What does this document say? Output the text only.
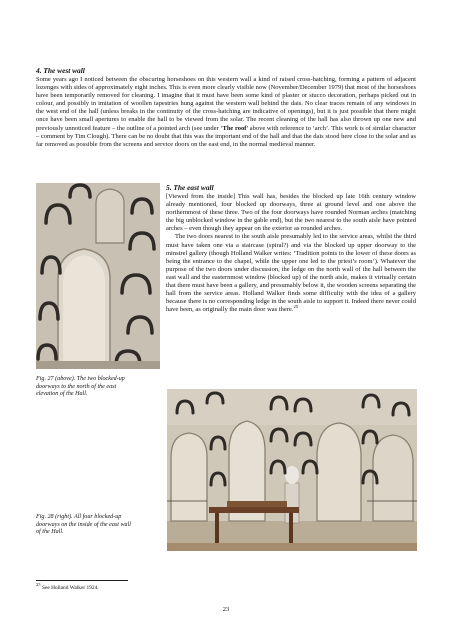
4. The west wall
Some years ago I noticed between the obscuring horseshoes on this western wall a kind of raised cross-hatching, forming a pattern of adjacent lozenges with sides of approximately eight inches. This is even more clearly visible now (November/December 1979) that most of the horseshoes have been temporarily removed for cleaning. I imagine that it must have been some kind of plaster or stucco decoration, perhaps picked out in colour, and possibly in imitation of woollen tapestries hung against the western wall behind the dais. No clear traces remain of any windows in the west end of the hall (unless breaks in the continuity of the cross-hatching are indicative of openings), but it is just possible that there might once have been small apertures to enable the hall to be viewed from the solar. The recent cleaning of the hall has also thrown up one new and previously unnoticed feature – the outline of a pointed arch (see under ‘The roof’ above with reference to ‘arch’. This work is of similar character – comment by Tim Clough). There can be no doubt that this was the important end of the hall and that the dais stood here close to the solar and as far removed as possible from the screens and service doors on the east end, in the normal medieval manner.
5. The east wall
[Viewed from the inside] This wall has, besides the blocked up late 16th century window already mentioned, four blocked up doorways, three at ground level and one above the northernmost of these three. Two of the four doorways have rounded Norman arches (matching the big unblocked window in the gable end), but the two nearest to the south aisle have pointed arches – even though they appear on the exterior as rounded arches.
The two doors nearest to the south aisle presumably led to the service areas, whilst the third must have taken one via a staircase (spiral?) and via the blocked up upper doorway to the minstrel gallery (though Holland Walker writes: ‘Tradition points to the lower of these doors as being the entrance to the chapel, while the upper one led to the priest’s room’). Whatever the purpose of the two doors under discussion, the ledge on the north wall of the hall between the east wall and the easternmost window (blocked up) of the north aisle, makes it virtually certain that there must have been a gallery, and presumably below it, the wooden screens separating the hall from the service areas. Holland Walker finds some difficulty with the idea of a gallery because there is no corresponding ledge in the south aisle to support it. Indeed there never could have been, as originally the main door was there.$^{25}$
Fig. 27 (above). The two blocked-up doorways to the north of the east elevation of the Hall.
Fig. 28 (right). All four blocked-up doorways on the inside of the east wall of the Hall.
$^{25}$ See Holland Walker 1924.
23
